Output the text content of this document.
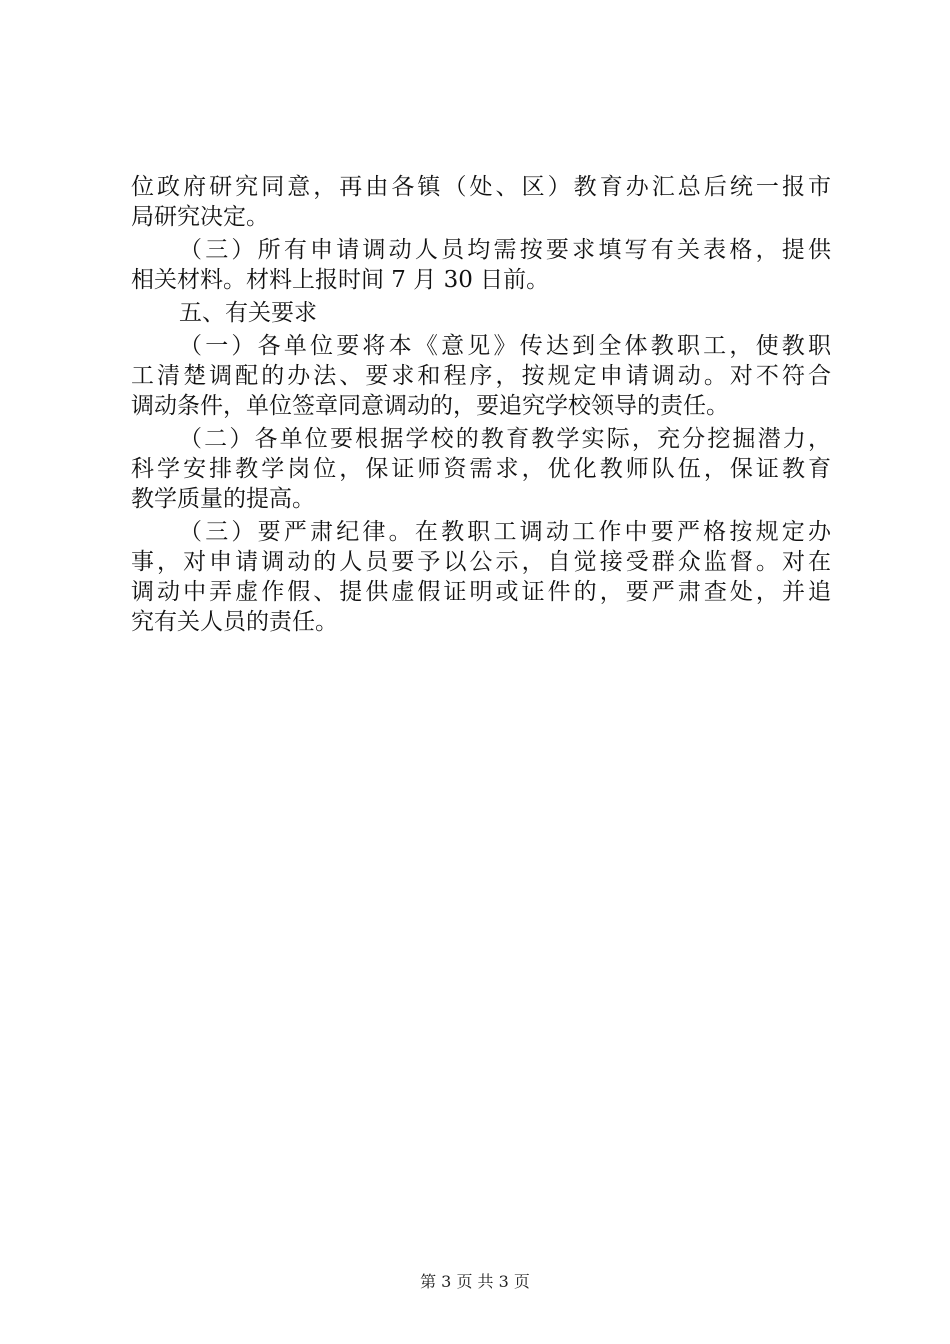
位政府研究同意，再由各镇（处、区）教育办汇总后统一报市
局研究决定。
（三）所有申请调动人员均需按要求填写有关表格，提供
相关材料。材料上报时间 7 月 30 日前。
五、有关要求
（一）各单位要将本《意见》传达到全体教职工，使教职
工清楚调配的办法、要求和程序，按规定申请调动。对不符合
调动条件，单位签章同意调动的，要追究学校领导的责任。
（二）各单位要根据学校的教育教学实际，充分挖掘潜力，
科学安排教学岗位，保证师资需求，优化教师队伍，保证教育
教学质量的提高。
（三）要严肃纪律。在教职工调动工作中要严格按规定办
事，对申请调动的人员要予以公示，自觉接受群众监督。对在
调动中弄虚作假、提供虚假证明或证件的，要严肃查处，并追
究有关人员的责任。
第 3 页 共 3 页
